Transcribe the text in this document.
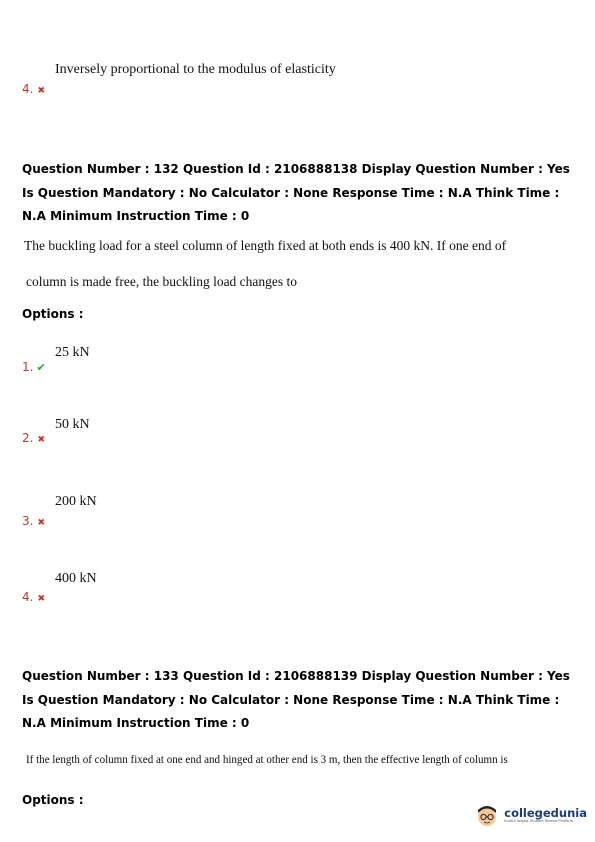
Inversely proportional to the modulus of elasticity
4. ✖
Question Number : 132 Question Id : 2106888138 Display Question Number : Yes Is Question Mandatory : No Calculator : None Response Time : N.A Think Time : N.A Minimum Instruction Time : 0
The buckling load for a steel column of length fixed at both ends is 400 kN. If one end of
column is made free, the buckling load changes to
Options :
25 kN
1. ✔
50 kN
2. ✖
200 kN
3. ✖
400 kN
4. ✖
Question Number : 133 Question Id : 2106888139 Display Question Number : Yes Is Question Mandatory : No Calculator : None Response Time : N.A Think Time : N.A Minimum Instruction Time : 0
If the length of column fixed at one end and hinged at other end is 3 m, then the effective length of column is
Options :
collegedunia
India's largest Student Review Platform
